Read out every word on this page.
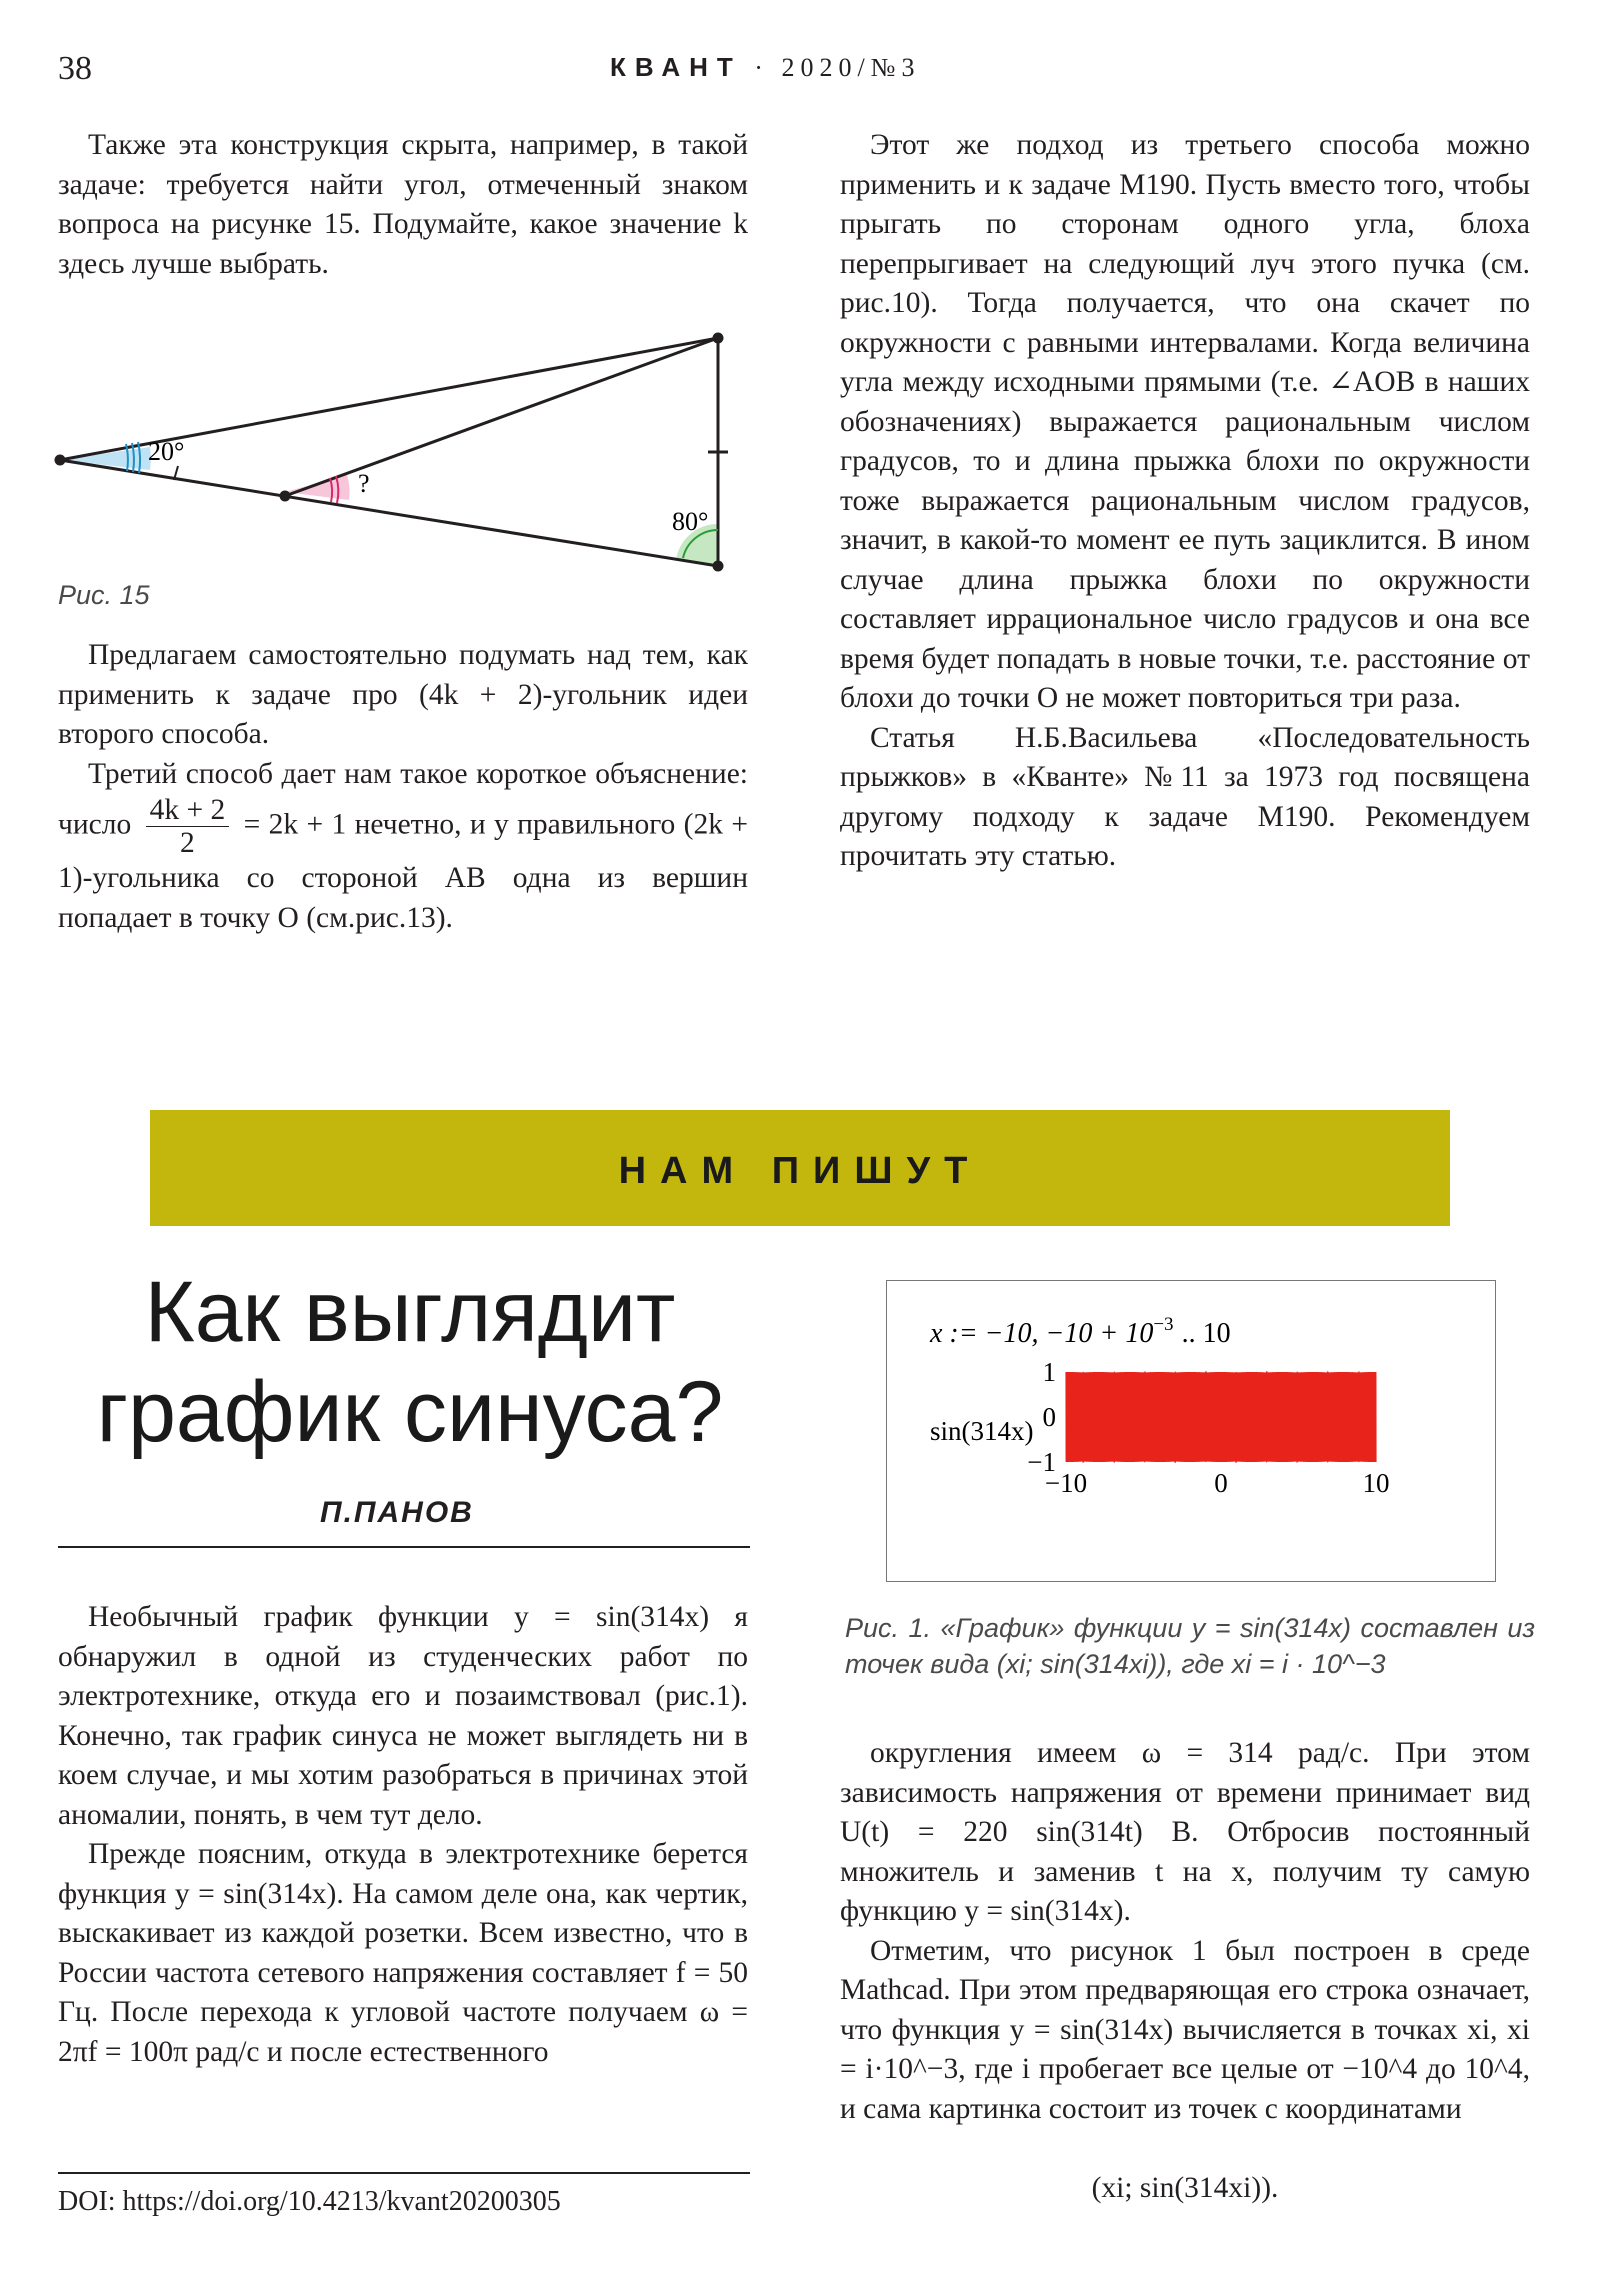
38	КВАНТ · 2020/№3

Также эта конструкция скрыта, например, в такой задаче: требуется найти угол, отмеченный знаком вопроса на рисунке 15. Подумайте, какое значение k здесь лучше выбрать.

20°
?
80°
Рис. 15

Предлагаем самостоятельно подумать над тем, как применить к задаче про (4k + 2)-угольник идеи второго способа.

Третий способ дает нам такое короткое объяснение: число $\frac{4k + 2}{2} = 2k + 1$ нечетно, и у правильного (2k + 1)-угольника со стороной AB одна из вершин попадает в точку O (см.рис.13).

Этот же подход из третьего способа можно применить и к задаче М190. Пусть вместо того, чтобы прыгать по сторонам одного угла, блоха перепрыгивает на следующий луч этого пучка (см. рис.10). Тогда получается, что она скачет по окружности с равными интервалами. Когда величина угла между исходными прямыми (т.е. ∠AOB в наших обозначениях) выражается рациональным числом градусов, то и длина прыжка блохи по окружности тоже выражается рациональным числом градусов, значит, в какой-то момент ее путь зациклится. В ином случае длина прыжка блохи по окружности составляет иррациональное число градусов и она все время будет попадать в новые точки, т.е. расстояние от блохи до точки O не может повториться три раза.

Статья Н.Б.Васильева «Последовательность прыжков» в «Кванте» №11 за 1973 год посвящена другому подходу к задаче М190. Рекомендуем прочитать эту статью.

НАМ ПИШУТ
Как выглядит
график синуса?
П.ПАНОВ

Необычный график функции y = sin(314x) я обнаружил в одной из студенческих работ по электротехнике, откуда его и позаимствовал (рис.1). Конечно, так график синуса не может выглядеть ни в коем случае, и мы хотим разобраться в причинах этой аномалии, понять, в чем тут дело.

Прежде поясним, откуда в электротехнике берется функция y = sin(314x). На самом деле она, как чертик, выскакивает из каждой розетки. Всем известно, что в России частота сетевого напряжения составляет f = 50 Гц. После перехода к угловой частоте получаем ω = 2πf = 100π рад/с и после естественного

DOI: https://doi.org/10.4213/kvant20200305
x := −10, $-10 + 10^{-3}$ .. 10
sin(314x)
1
0
−1
−10	0	10
Рис. 1. «График» функции y = sin(314x) составлен из точек вида (xi; sin(314xi)), где xi = i · 10^−3

округления имеем ω = 314 рад/с. При этом зависимость напряжения от времени принимает вид U(t) = 220 sin(314t) В. Отбросив постоянный множитель и заменив t на x, получим ту самую функцию y = sin(314x).

Отметим, что рисунок 1 был построен в среде Mathcad. При этом предваряющая его строка означает, что функция y = sin(314x) вычисляется в точках xi, xi = i·10^−3, где i пробегает все целые от −10^4 до 10^4, и сама картинка состоит из точек с координатами

(xi; sin(314xi)).
